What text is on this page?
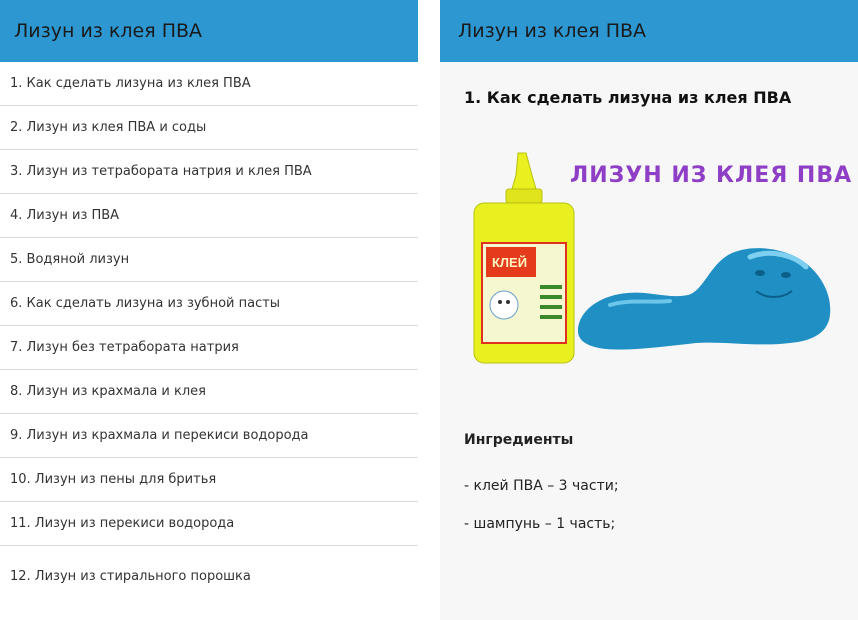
Лизун из клея ПВА
1. Как сделать лизуна из клея ПВА
2. Лизун из клея ПВА и соды
3. Лизун из тетрабората натрия и клея ПВА
4. Лизун из ПВА
5. Водяной лизун
6. Как сделать лизуна из зубной пасты
7. Лизун без тетрабората натрия
8. Лизун из крахмала и клея
9. Лизун из крахмала и перекиси водорода
10. Лизун из пены для бритья
11. Лизун из перекиси водорода
12. Лизун из стирального порошка
Лизун из клея ПВА
1. Как сделать лизуна из клея ПВА
КЛЕЙ
ЛИЗУН ИЗ КЛЕЯ ПВА
Ингредиенты
- клей ПВА – 3 части;
- шампунь – 1 часть;
